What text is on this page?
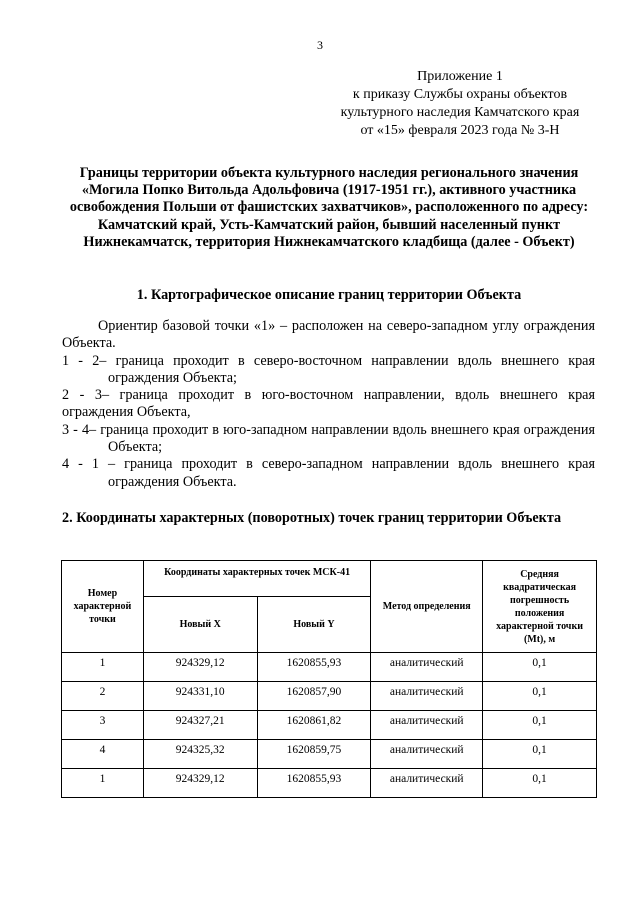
3
Приложение 1
к приказу Службы охраны объектов
культурного наследия Камчатского края
от «15» февраля 2023 года № 3-Н
Границы территории объекта культурного наследия регионального значения «Могила Попко Витольда Адольфовича (1917-1951 гг.), активного участника освобождения Польши от фашистских захватчиков», расположенного по адресу: Камчатский край, Усть-Камчатский район, бывший населенный пункт Нижнекамчатск, территория Нижнекамчатского кладбища (далее - Объект)
1. Картографическое описание границ территории Объекта

Ориентир базовой точки «1» – расположен на северо-западном углу ограждения Объекта.

1 - 2– граница проходит в северо-восточном направлении вдоль внешнего края ограждения Объекта;

2 - 3– граница проходит в юго-восточном направлении, вдоль внешнего края ограждения Объекта,

3 - 4– граница проходит в юго-западном направлении вдоль внешнего края ограждения Объекта;

4 - 1 – граница проходит в северо-западном направлении вдоль внешнего края ограждения Объекта.

2. Координаты характерных (поворотных) точек границ территории Объекта
Номер характерной точки	Координаты характерных точек МСК-41		Метод определения	Средняя квадратическая погрешность положения характерной точки (Mt), м
	Новый X	Новый Y		
1	924329,12	1620855,93	аналитический	0,1
2	924331,10	1620857,90	аналитический	0,1
3	924327,21	1620861,82	аналитический	0,1
4	924325,32	1620859,75	аналитический	0,1
1	924329,12	1620855,93	аналитический	0,1
